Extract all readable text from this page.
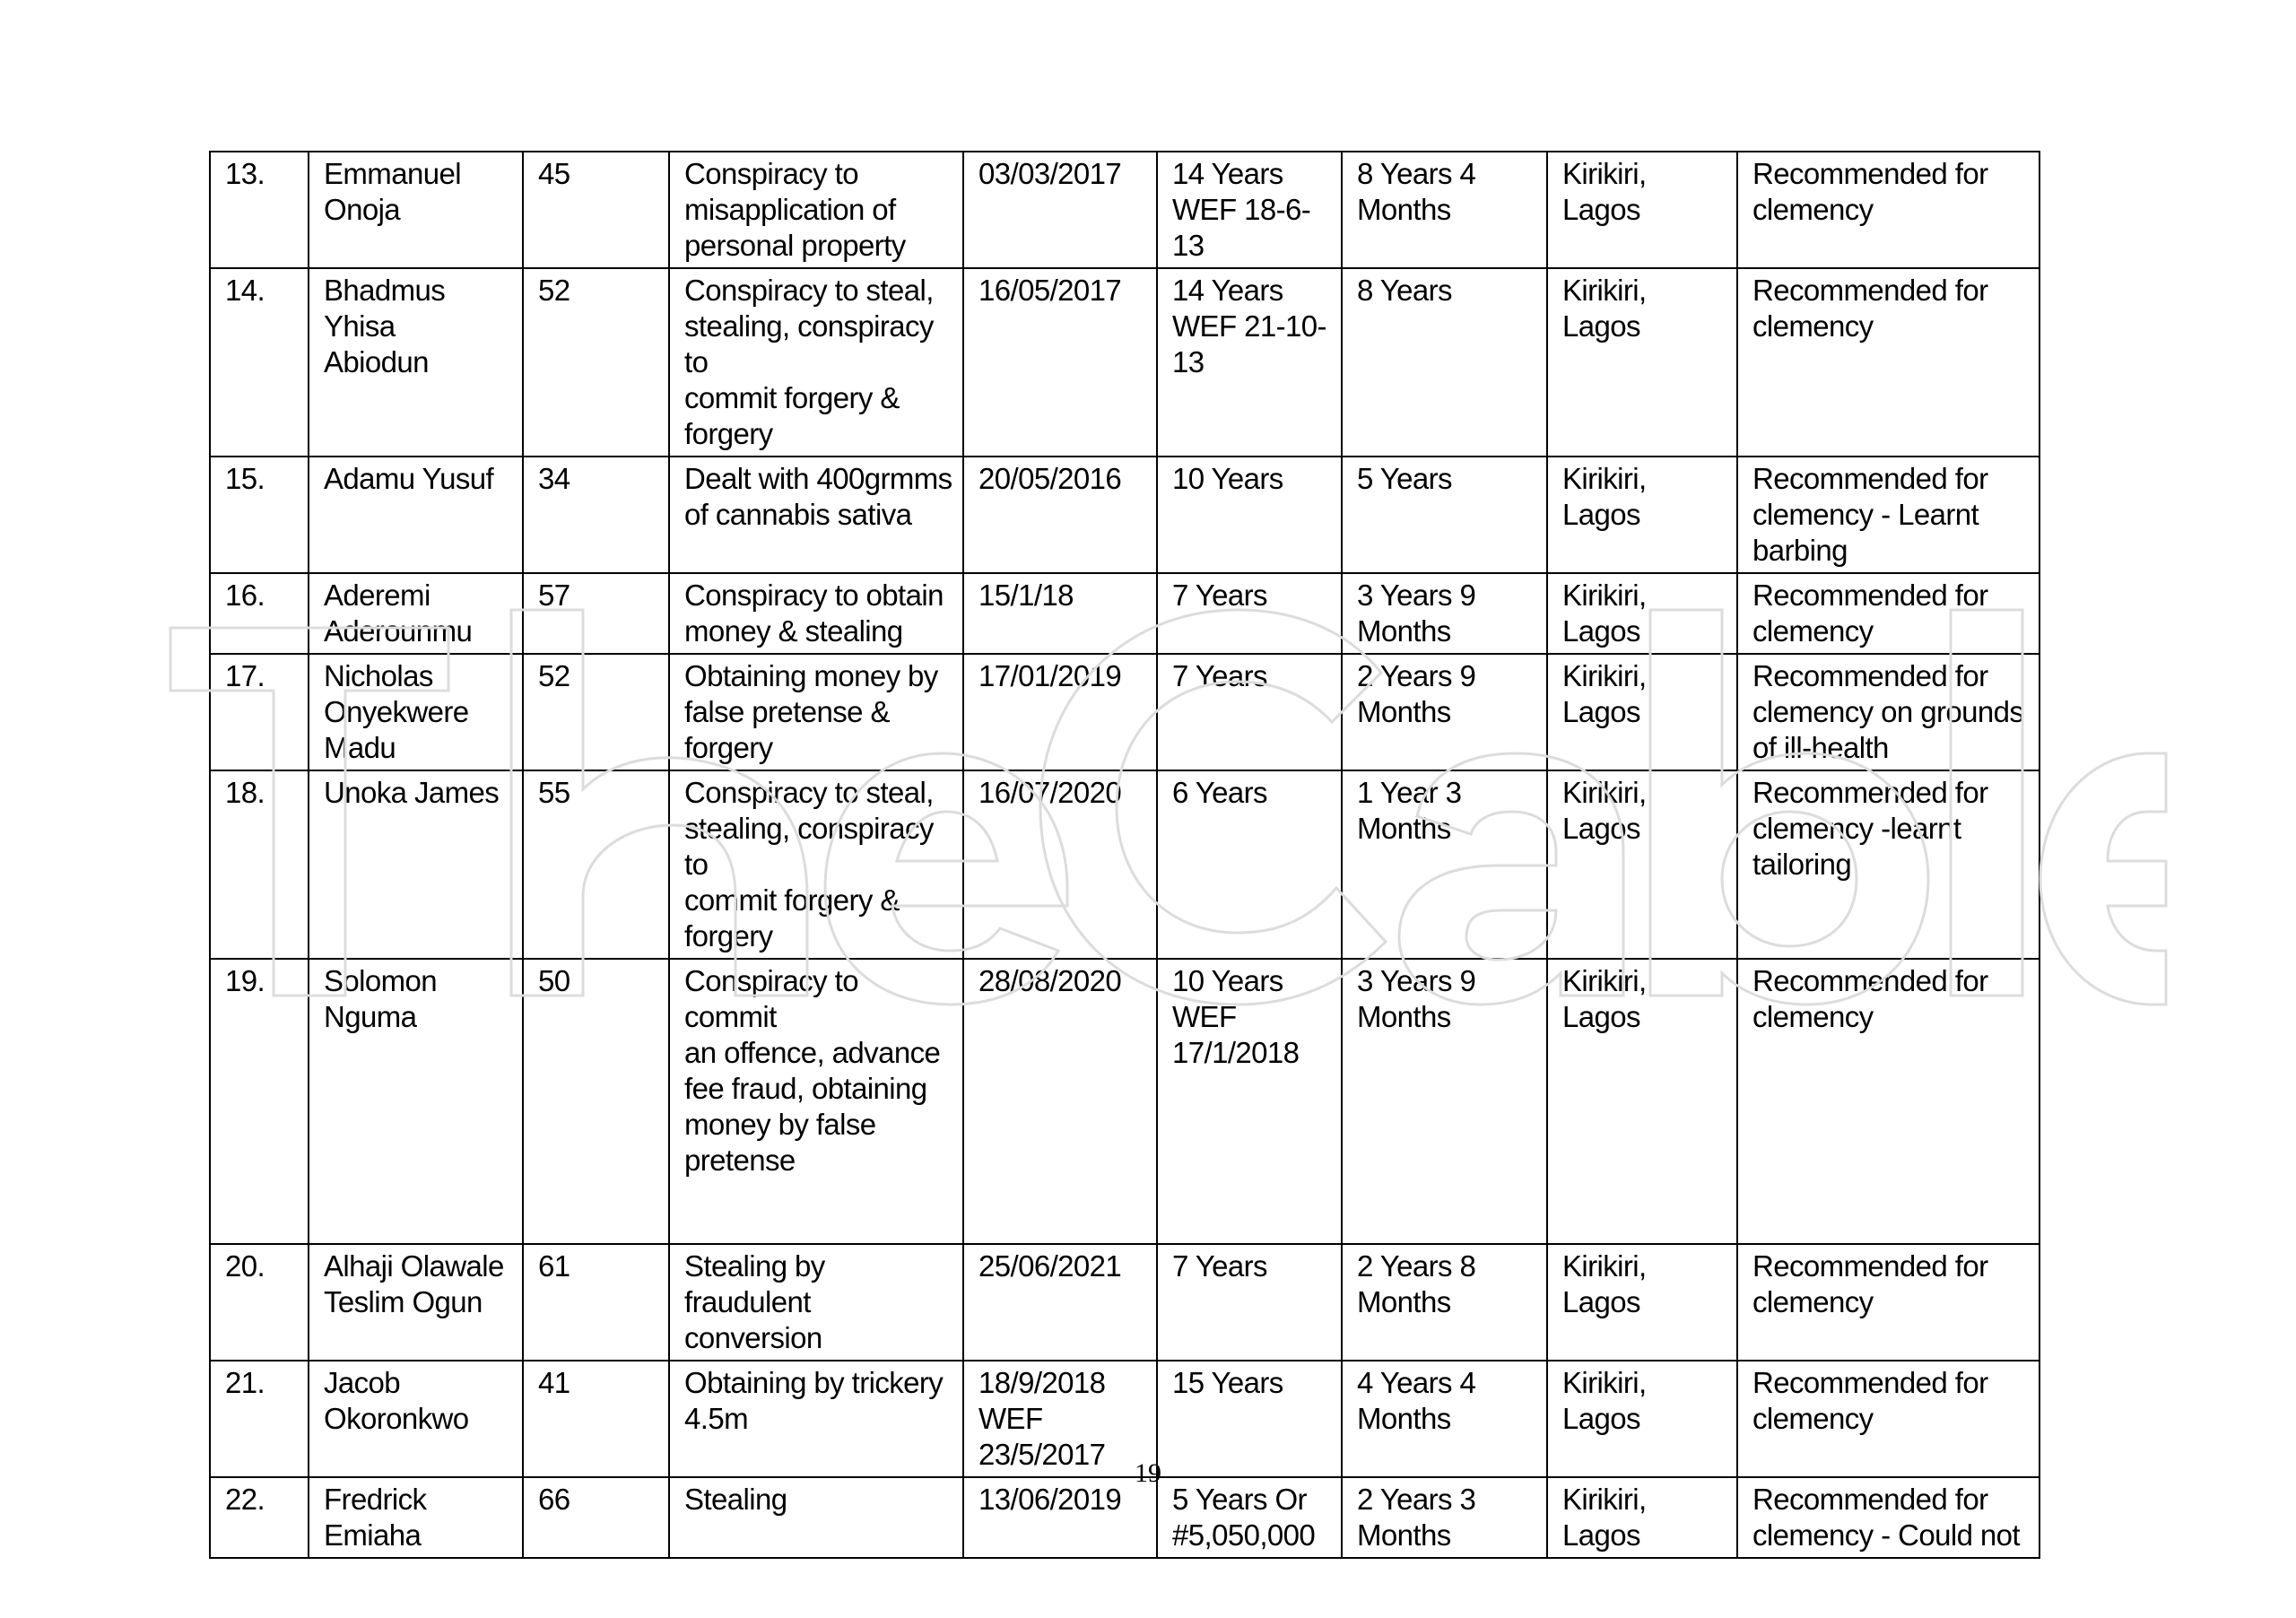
13.	Emmanuel
Onoja	45	Conspiracy to
misapplication of
personal property	03/03/2017	14 Years
WEF 18-6-13	8 Years 4
Months	Kirikiri, Lagos	Recommended for
clemency
14.	Bhadmus Yhisa
Abiodun	52	Conspiracy to steal,
stealing, conspiracy to
commit forgery &
forgery	16/05/2017	14 Years
WEF 21-10-
13	8 Years	Kirikiri, Lagos	Recommended for
clemency
15.	Adamu Yusuf	34	Dealt with 400grmms
of cannabis sativa	20/05/2016	10 Years	5 Years	Kirikiri, Lagos	Recommended for
clemency - Learnt
barbing
16.	Aderemi
Aderounmu	57	Conspiracy to obtain
money & stealing	15/1/18	7 Years	3 Years 9
Months	Kirikiri, Lagos	Recommended for
clemency
17.	Nicholas
Onyekwere
Madu	52	Obtaining money by
false pretense &
forgery	17/01/2019	7 Years	2 Years 9
Months	Kirikiri, Lagos	Recommended for
clemency on grounds
of ill-health
18.	Unoka James	55	Conspiracy to steal,
stealing, conspiracy to
commit forgery &
forgery	16/07/2020	6 Years	1 Year 3
Months	Kirikiri, Lagos	Recommended for
clemency -learnt
tailoring
19.	Solomon
Nguma	50	Conspiracy to commit
an offence, advance
fee fraud, obtaining
money by false
pretense	28/08/2020	10 Years
WEF
17/1/2018	3 Years 9
Months	Kirikiri, Lagos	Recommended for
clemency
20.	Alhaji Olawale
Teslim Ogun	61	Stealing by fraudulent
conversion	25/06/2021	7 Years	2 Years 8
Months	Kirikiri, Lagos	Recommended for
clemency
21.	Jacob
Okoronkwo	41	Obtaining by trickery
4.5m	18/9/2018
WEF
23/5/2017	15 Years	4 Years 4
Months	Kirikiri, Lagos	Recommended for
clemency
22.	Fredrick
Emiaha	66	Stealing	13/06/2019	5 Years Or
#5,050,000	2 Years 3
Months	Kirikiri, Lagos	Recommended for
clemency - Could not
19
